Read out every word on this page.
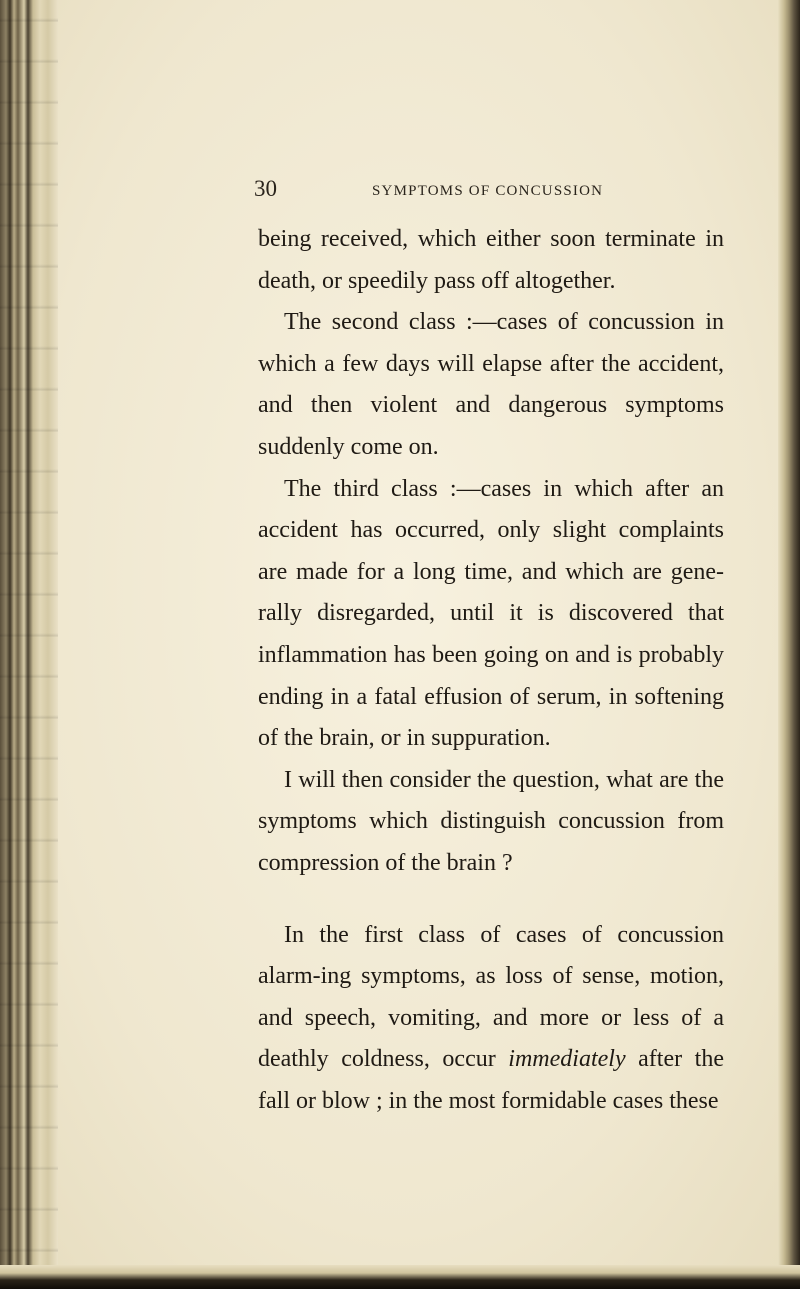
30	SYMPTOMS OF CONCUSSION

being received, which either soon terminate in death, or speedily pass off altogether.

The second class :—cases of concussion in which a few days will elapse after the accident, and then violent and dangerous symptoms suddenly come on.

The third class :—cases in which after an accident has occurred, only slight complaints are made for a long time, and which are gene-rally disregarded, until it is discovered that inflammation has been going on and is probably ending in a fatal effusion of serum, in softening of the brain, or in suppuration.

I will then consider the question, what are the symptoms which distinguish concussion from compression of the brain ?

In the first class of cases of concussion alarm-ing symptoms, as loss of sense, motion, and speech, vomiting, and more or less of a deathly coldness, occur immediately after the fall or blow ; in the most formidable cases these
